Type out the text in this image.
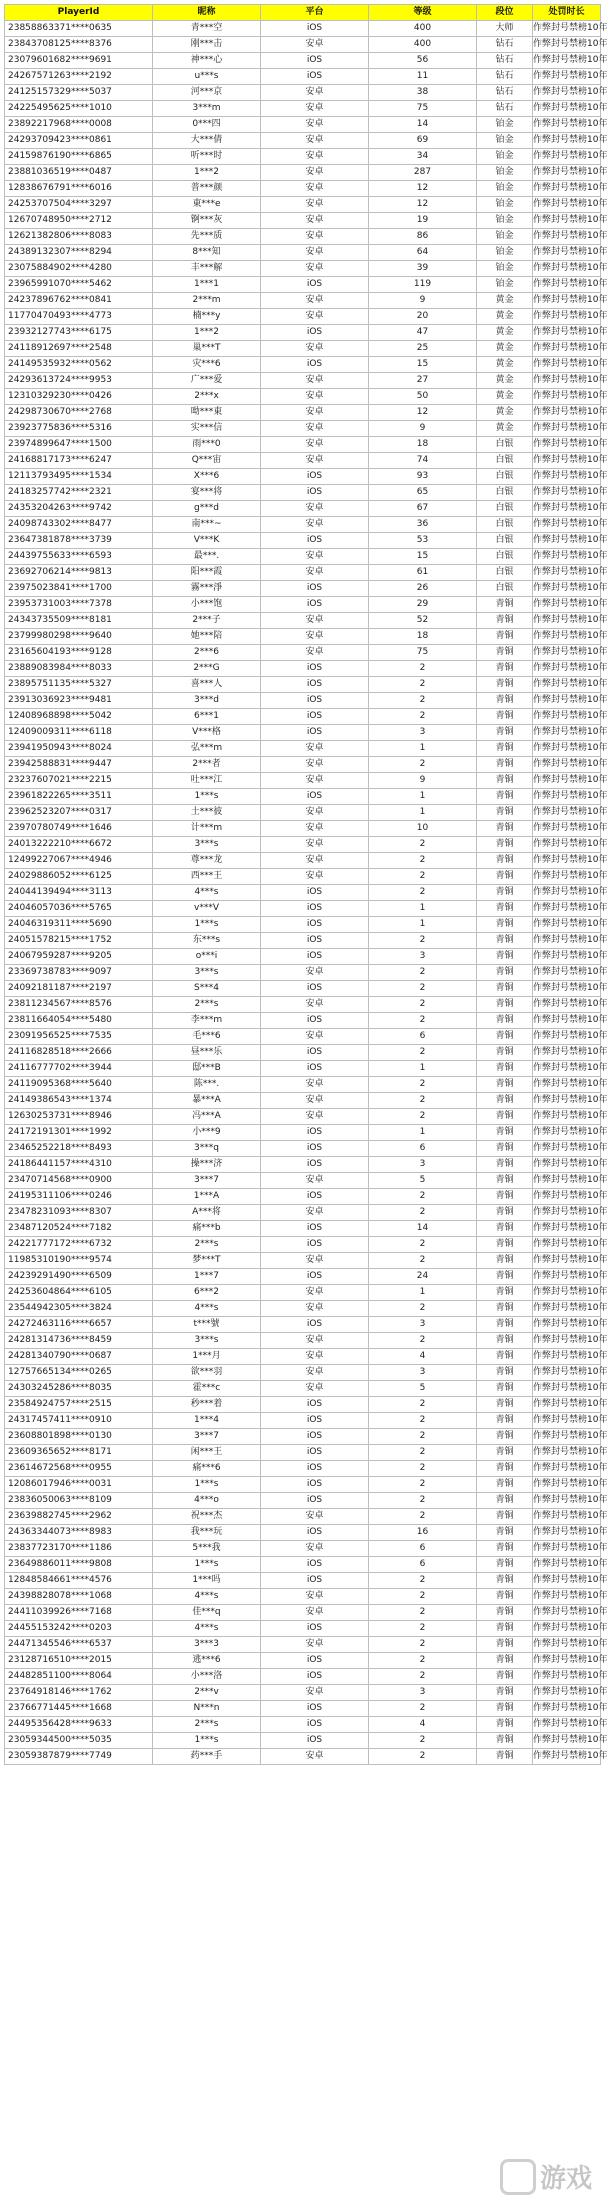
PlayerId	昵称	平台	等级	段位	处罚时长
23858863371****0635	青***空	iOS	400	大师	作弊封号禁榜10年
23843708125****8376	刚***击	安卓	400	钻石	作弊封号禁榜10年
23079601682****9691	神***心	iOS	56	钻石	作弊封号禁榜10年
24267571263****2192	u***s	iOS	11	钻石	作弊封号禁榜10年
24125157329****5037	河***京	安卓	38	钻石	作弊封号禁榜10年
24225495625****1010	3***m	安卓	75	钻石	作弊封号禁榜10年
23892217968****0008	0***四	安卓	14	铂金	作弊封号禁榜10年
24293709423****0861	大***倩	安卓	69	铂金	作弊封号禁榜10年
24159876190****6865	听***时	安卓	34	铂金	作弊封号禁榜10年
23881036519****0487	1***2	安卓	287	铂金	作弊封号禁榜10年
12838676791****6016	普***颜	安卓	12	铂金	作弊封号禁榜10年
24253707504****3297	東***e	安卓	12	铂金	作弊封号禁榜10年
12670748950****2712	锕***灰	安卓	19	铂金	作弊封号禁榜10年
12621382806****8083	先***质	安卓	86	铂金	作弊封号禁榜10年
24389132307****8294	8***知	安卓	64	铂金	作弊封号禁榜10年
23075884902****4280	丰***解	安卓	39	铂金	作弊封号禁榜10年
23965991070****5462	1***1	iOS	119	铂金	作弊封号禁榜10年
24237896762****0841	2***m	安卓	9	黄金	作弊封号禁榜10年
11770470493****4773	楠***y	安卓	20	黄金	作弊封号禁榜10年
23932127743****6175	1***2	iOS	47	黄金	作弊封号禁榜10年
24118912697****2548	巢***T	安卓	25	黄金	作弊封号禁榜10年
24149535932****0562	灾***6	iOS	15	黄金	作弊封号禁榜10年
24293613724****9953	广***爱	安卓	27	黄金	作弊封号禁榜10年
12310329230****0426	2***x	安卓	50	黄金	作弊封号禁榜10年
24298730670****2768	呦***東	安卓	12	黄金	作弊封号禁榜10年
23923775836****5316	实***信	安卓	9	黄金	作弊封号禁榜10年
23974899647****1500	雨***0	安卓	18	白银	作弊封号禁榜10年
24168817173****6247	Q***宙	安卓	74	白银	作弊封号禁榜10年
12113793495****1534	X***6	iOS	93	白银	作弊封号禁榜10年
24183257742****2321	宴***将	iOS	65	白银	作弊封号禁榜10年
24353204263****9742	g***d	安卓	67	白银	作弊封号禁榜10年
24098743302****8477	南***~	安卓	36	白银	作弊封号禁榜10年
23647381878****3739	V***K	iOS	53	白银	作弊封号禁榜10年
24439755633****6593	最***.	安卓	15	白银	作弊封号禁榜10年
23692706214****9813	阳***霞	安卓	61	白银	作弊封号禁榜10年
23975023841****1700	霧***淨	iOS	26	白银	作弊封号禁榜10年
23953731003****7378	小***饱	iOS	29	青铜	作弊封号禁榜10年
24343735509****8181	2***子	安卓	52	青铜	作弊封号禁榜10年
23799980298****9640	她***陪	安卓	18	青铜	作弊封号禁榜10年
23165604193****9128	2***6	安卓	75	青铜	作弊封号禁榜10年
23889083984****8033	2***G	iOS	2	青铜	作弊封号禁榜10年
23895751135****5327	喜***人	iOS	2	青铜	作弊封号禁榜10年
23913036923****9481	3***d	iOS	2	青铜	作弊封号禁榜10年
12408968898****5042	6***1	iOS	2	青铜	作弊封号禁榜10年
12409009311****6118	V***格	iOS	3	青铜	作弊封号禁榜10年
23941950943****8024	弘***m	安卓	1	青铜	作弊封号禁榜10年
23942588831****9447	2***者	安卓	2	青铜	作弊封号禁榜10年
23237607021****2215	吐***江	安卓	9	青铜	作弊封号禁榜10年
23961822265****3511	1***s	iOS	1	青铜	作弊封号禁榜10年
23962523207****0317	土***彼	安卓	1	青铜	作弊封号禁榜10年
23970780749****1646	计***m	安卓	10	青铜	作弊封号禁榜10年
24013222210****6672	3***s	安卓	2	青铜	作弊封号禁榜10年
12499227067****4946	尊***龙	安卓	2	青铜	作弊封号禁榜10年
24029886052****6125	西***王	安卓	2	青铜	作弊封号禁榜10年
24044139494****3113	4***s	iOS	2	青铜	作弊封号禁榜10年
24046057036****5765	v***V	iOS	1	青铜	作弊封号禁榜10年
24046319311****5690	1***s	iOS	1	青铜	作弊封号禁榜10年
24051578215****1752	东***s	iOS	2	青铜	作弊封号禁榜10年
24067959287****9205	o***i	iOS	3	青铜	作弊封号禁榜10年
23369738783****9097	3***s	安卓	2	青铜	作弊封号禁榜10年
24092181187****2197	S***4	iOS	2	青铜	作弊封号禁榜10年
23811234567****8576	2***s	安卓	2	青铜	作弊封号禁榜10年
23811664054****5480	李***m	iOS	2	青铜	作弊封号禁榜10年
23091956525****7535	毛***6	安卓	6	青铜	作弊封号禁榜10年
24116828518****2666	昼***乐	iOS	2	青铜	作弊封号禁榜10年
24116777702****3944	邸***B	iOS	1	青铜	作弊封号禁榜10年
24119095368****5640	陈***.	安卓	2	青铜	作弊封号禁榜10年
24149386543****1374	暴***A	安卓	2	青铜	作弊封号禁榜10年
12630253731****8946	冯***A	安卓	2	青铜	作弊封号禁榜10年
24172191301****1992	小***9	iOS	1	青铜	作弊封号禁榜10年
23465252218****8493	3***q	iOS	6	青铜	作弊封号禁榜10年
24186441157****4310	操***济	iOS	3	青铜	作弊封号禁榜10年
23470714568****0900	3***7	安卓	5	青铜	作弊封号禁榜10年
24195311106****0246	1***A	iOS	2	青铜	作弊封号禁榜10年
23478231093****8307	A***将	安卓	2	青铜	作弊封号禁榜10年
23487120524****7182	痛***b	iOS	14	青铜	作弊封号禁榜10年
24221777172****6732	2***s	iOS	2	青铜	作弊封号禁榜10年
11985310190****9574	梦***T	安卓	2	青铜	作弊封号禁榜10年
24239291490****6509	1***7	iOS	24	青铜	作弊封号禁榜10年
24253604864****6105	6***2	安卓	1	青铜	作弊封号禁榜10年
23544942305****3824	4***s	安卓	2	青铜	作弊封号禁榜10年
24272463116****6657	t***號	iOS	3	青铜	作弊封号禁榜10年
24281314736****8459	3***s	安卓	2	青铜	作弊封号禁榜10年
24281340790****0687	1***月	安卓	4	青铜	作弊封号禁榜10年
12757665134****0265	欲***羽	安卓	3	青铜	作弊封号禁榜10年
24303245286****8035	霍***c	安卓	5	青铜	作弊封号禁榜10年
23584924757****2515	秒***着	iOS	2	青铜	作弊封号禁榜10年
24317457411****0910	1***4	iOS	2	青铜	作弊封号禁榜10年
23608801898****0130	3***7	iOS	2	青铜	作弊封号禁榜10年
23609365652****8171	闲***王	iOS	2	青铜	作弊封号禁榜10年
23614672568****0955	痛***6	iOS	2	青铜	作弊封号禁榜10年
12086017946****0031	1***s	iOS	2	青铜	作弊封号禁榜10年
23836050063****8109	4***o	iOS	2	青铜	作弊封号禁榜10年
23639882745****2962	祝***杰	安卓	2	青铜	作弊封号禁榜10年
24363344073****8983	我***玩	iOS	16	青铜	作弊封号禁榜10年
23837723170****1186	5***我	安卓	6	青铜	作弊封号禁榜10年
23649886011****9808	1***s	iOS	6	青铜	作弊封号禁榜10年
12848584661****4576	1***吗	iOS	2	青铜	作弊封号禁榜10年
24398828078****1068	4***s	安卓	2	青铜	作弊封号禁榜10年
24411039926****7168	佳***q	安卓	2	青铜	作弊封号禁榜10年
24455153242****0203	4***s	iOS	2	青铜	作弊封号禁榜10年
24471345546****6537	3***3	安卓	2	青铜	作弊封号禁榜10年
23128716510****2015	逃***6	iOS	2	青铜	作弊封号禁榜10年
24482851100****8064	小***洛	iOS	2	青铜	作弊封号禁榜10年
23764918146****1762	2***v	安卓	3	青铜	作弊封号禁榜10年
23766771445****1668	N***n	iOS	2	青铜	作弊封号禁榜10年
24495356428****9633	2***s	iOS	4	青铜	作弊封号禁榜10年
23059344500****5035	1***s	iOS	2	青铜	作弊封号禁榜10年
23059387879****7749	药***手	安卓	2	青铜	作弊封号禁榜10年
游戏
